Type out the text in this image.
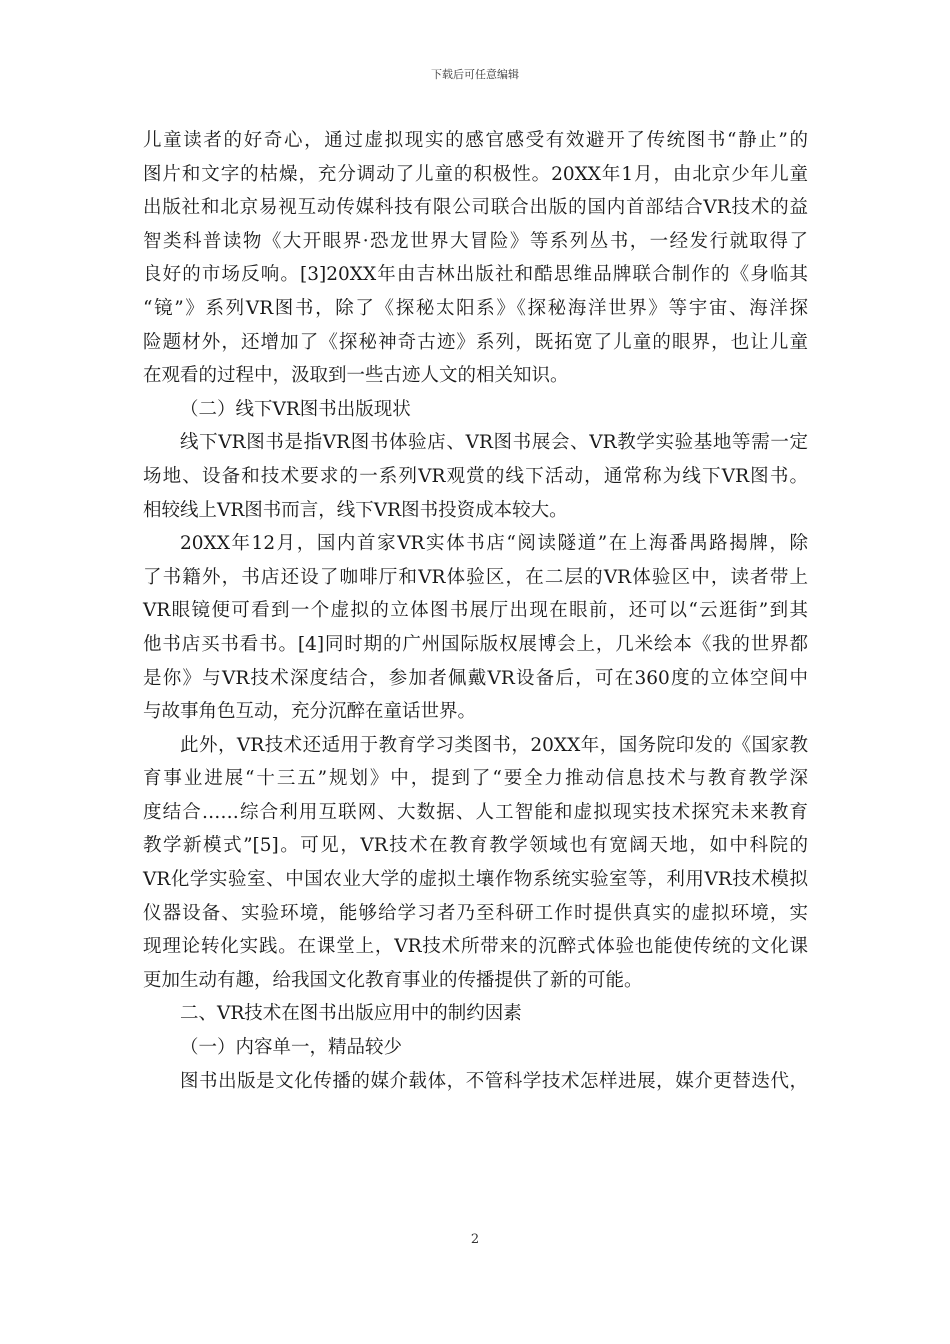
下载后可任意编辑
儿童读者的好奇心，通过虚拟现实的感官感受有效避开了传统图书“静止”的
图片和文字的枯燥，充分调动了儿童的积极性。20XX年1月，由北京少年儿童
出版社和北京易视互动传媒科技有限公司联合出版的国内首部结合VR技术的益
智类科普读物《大开眼界·恐龙世界大冒险》等系列丛书，一经发行就取得了
良好的市场反响。[3]20XX年由吉林出版社和酷思维品牌联合制作的《身临其
“镜”》系列VR图书，除了《探秘太阳系》《探秘海洋世界》等宇宙、海洋探
险题材外，还增加了《探秘神奇古迹》系列，既拓宽了儿童的眼界，也让儿童
在观看的过程中，汲取到一些古迹人文的相关知识。
（二）线下VR图书出版现状
线下VR图书是指VR图书体验店、VR图书展会、VR教学实验基地等需一定
场地、设备和技术要求的一系列VR观赏的线下活动，通常称为线下VR图书。
相较线上VR图书而言，线下VR图书投资成本较大。
20XX年12月，国内首家VR实体书店“阅读隧道”在上海番禺路揭牌，除
了书籍外，书店还设了咖啡厅和VR体验区，在二层的VR体验区中，读者带上
VR眼镜便可看到一个虚拟的立体图书展厅出现在眼前，还可以“云逛街”到其
他书店买书看书。[4]同时期的广州国际版权展博会上，几米绘本《我的世界都
是你》与VR技术深度结合，参加者佩戴VR设备后，可在360度的立体空间中
与故事角色互动，充分沉醉在童话世界。
此外，VR技术还适用于教育学习类图书，20XX年，国务院印发的《国家教
育事业进展“十三五”规划》中，提到了“要全力推动信息技术与教育教学深
度结合……综合利用互联网、大数据、人工智能和虚拟现实技术探究未来教育
教学新模式”[5]。可见，VR技术在教育教学领域也有宽阔天地，如中科院的
VR化学实验室、中国农业大学的虚拟土壤作物系统实验室等，利用VR技术模拟
仪器设备、实验环境，能够给学习者乃至科研工作时提供真实的虚拟环境，实
现理论转化实践。在课堂上，VR技术所带来的沉醉式体验也能使传统的文化课
更加生动有趣，给我国文化教育事业的传播提供了新的可能。
二、VR技术在图书出版应用中的制约因素
（一）内容单一，精品较少
图书出版是文化传播的媒介载体，不管科学技术怎样进展，媒介更替迭代，
2
